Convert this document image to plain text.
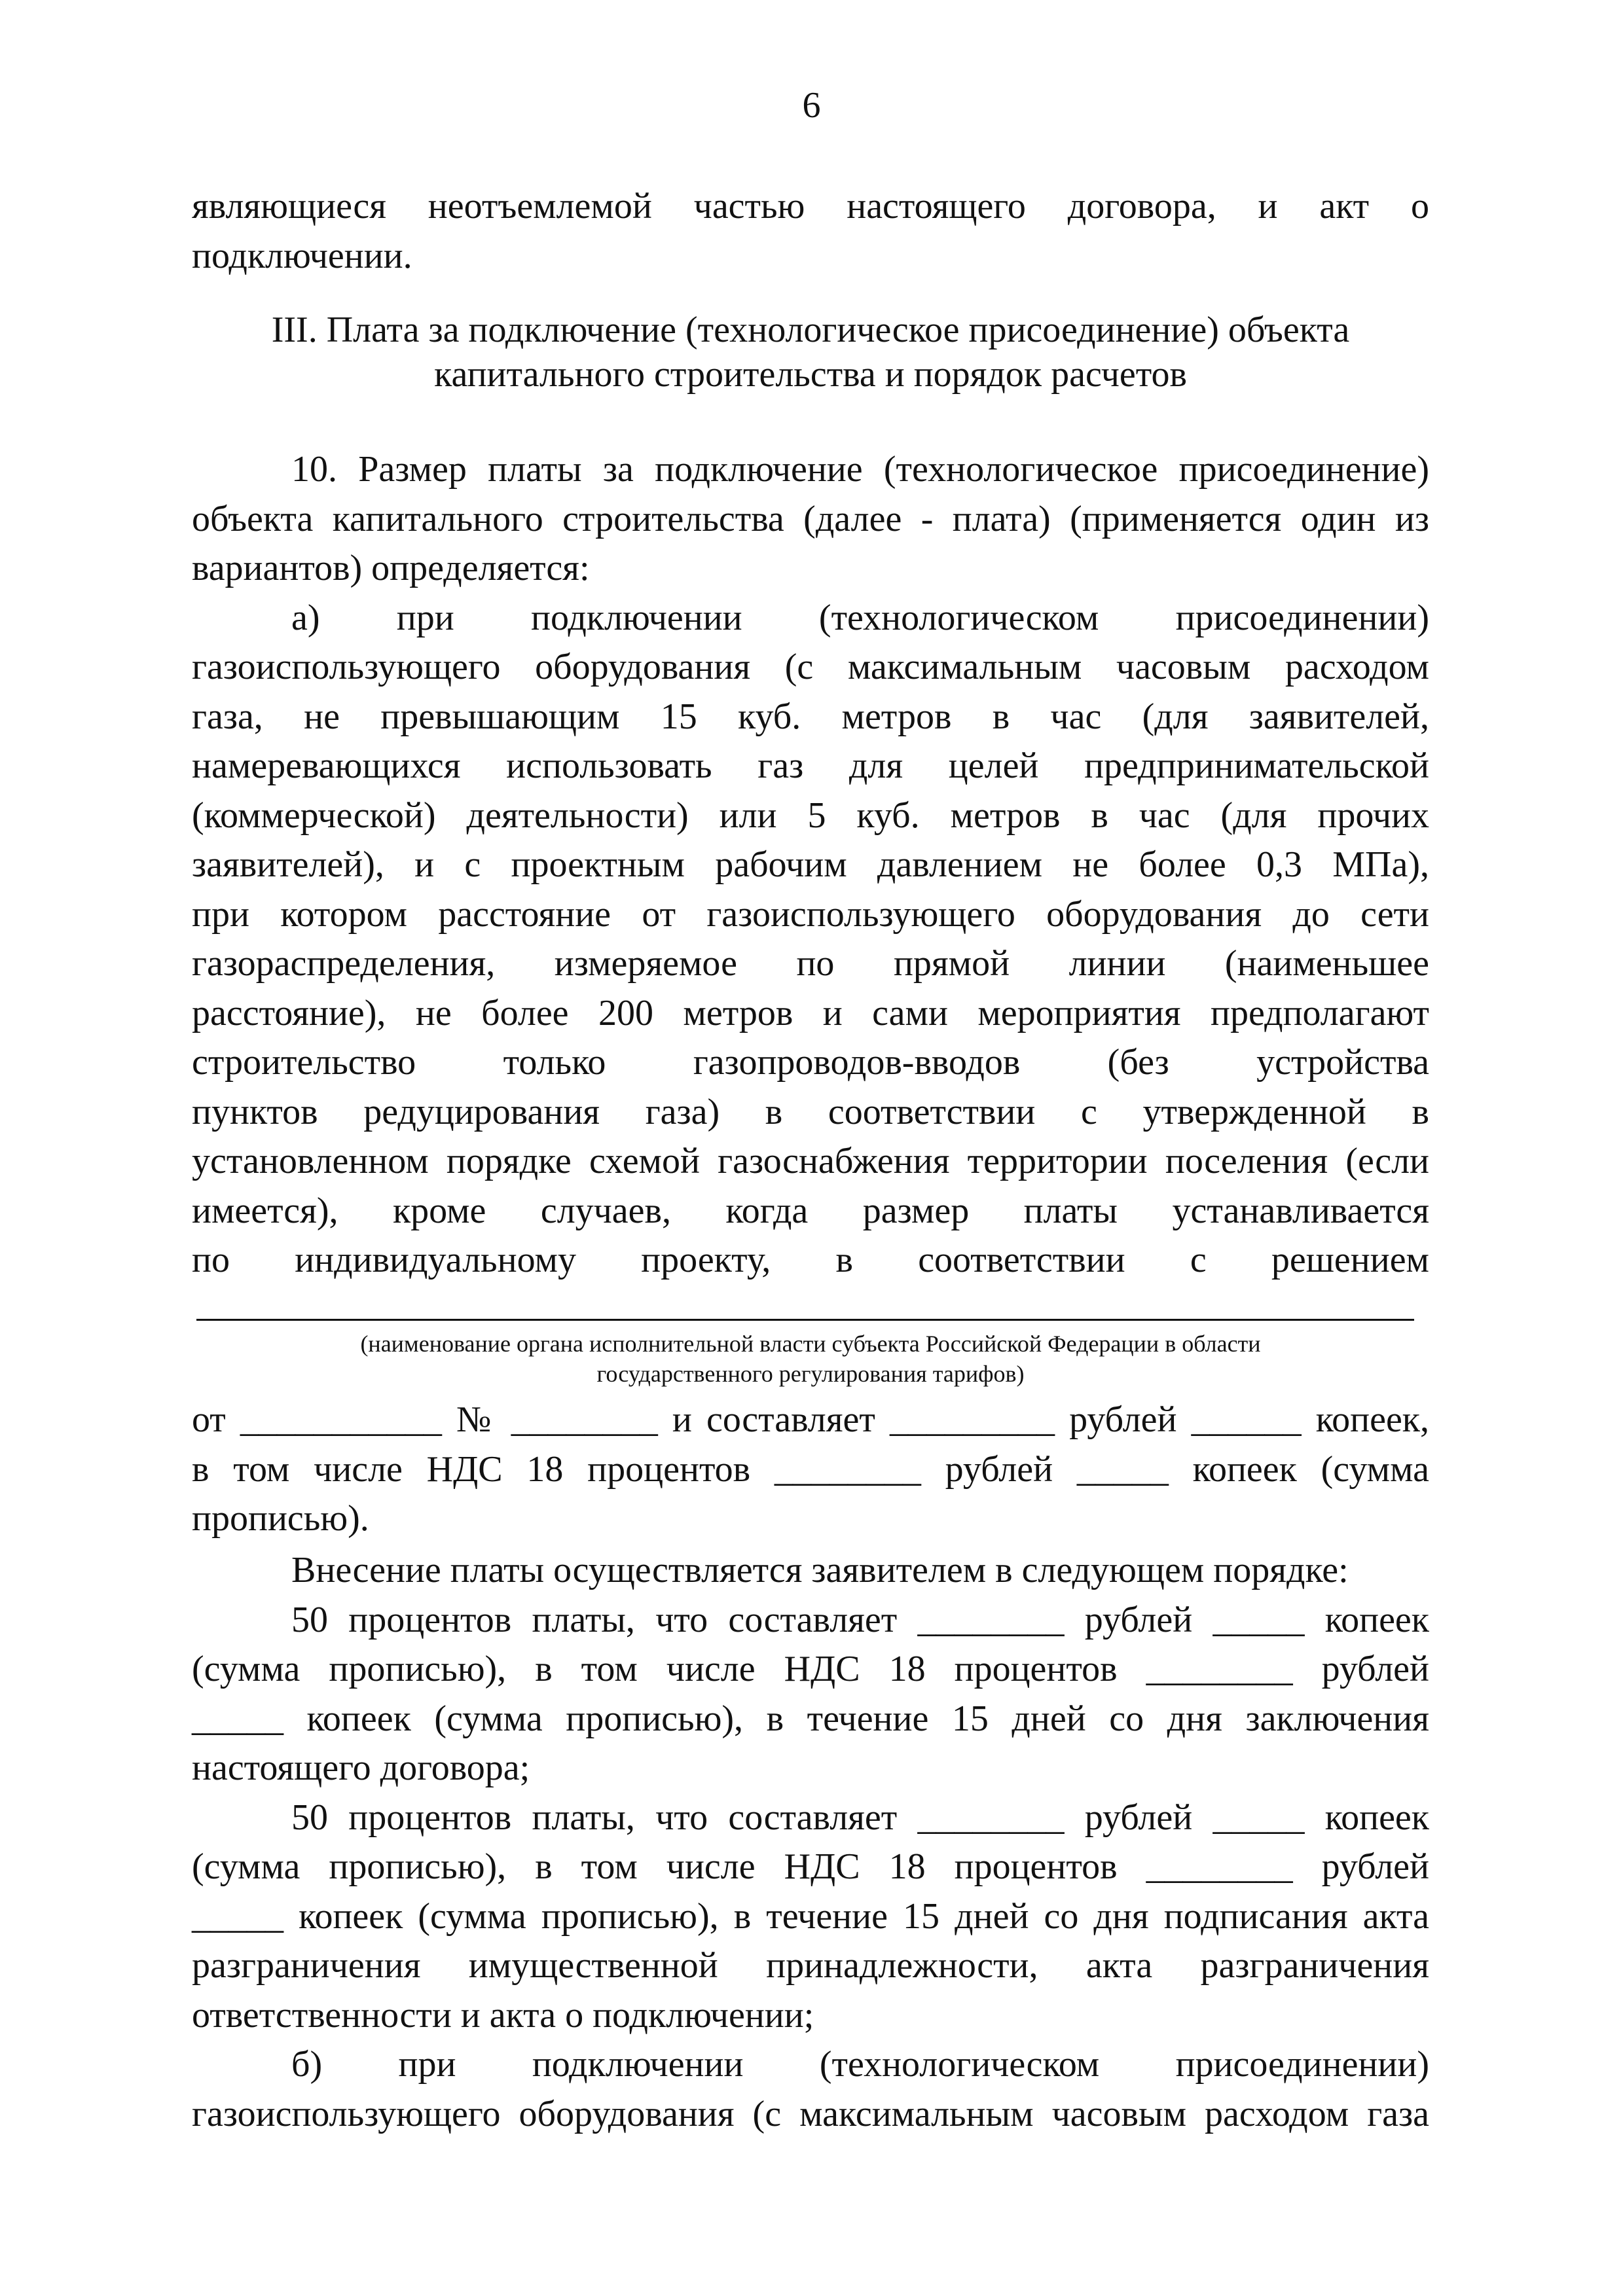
6
являющиеся неотъемлемой частью настоящего договора, и акт о
подключении.
III. Плата за подключение (технологическое присоединение) объекта
капитального строительства и порядок расчетов
10. Размер платы за подключение (технологическое присоединение)
объекта капитального строительства (далее - плата) (применяется один из
вариантов) определяется:
а) при подключении (технологическом присоединении)
газоиспользующего оборудования (с максимальным часовым расходом
газа, не превышающим 15 куб. метров в час (для заявителей,
намеревающихся использовать газ для целей предпринимательской
(коммерческой) деятельности) или 5 куб. метров в час (для прочих
заявителей), и с проектным рабочим давлением не более 0,3 МПа),
при котором расстояние от газоиспользующего оборудования до сети
газораспределения, измеряемое по прямой линии (наименьшее
расстояние), не более 200 метров и сами мероприятия предполагают
строительство только газопроводов-вводов (без устройства
пунктов редуцирования газа) в соответствии с утвержденной в
установленном порядке схемой газоснабжения территории поселения (если
имеется), кроме случаев, когда размер платы устанавливается
по индивидуальному проекту, в соответствии с решением
(наименование органа исполнительной власти субъекта Российской Федерации в области
государственного регулирования тарифов)
от ___________ № ________ и составляет _________ рублей ______ копеек,
в том числе НДС 18 процентов ________ рублей _____ копеек (сумма
прописью).
Внесение платы осуществляется заявителем в следующем порядке:
50 процентов платы, что составляет ________ рублей _____ копеек
(сумма прописью), в том числе НДС 18 процентов ________ рублей
_____ копеек (сумма прописью), в течение 15 дней со дня заключения
настоящего договора;
50 процентов платы, что составляет ________ рублей _____ копеек
(сумма прописью), в том числе НДС 18 процентов ________ рублей
_____ копеек (сумма прописью), в течение 15 дней со дня подписания акта
разграничения имущественной принадлежности, акта разграничения
ответственности и акта о подключении;
б) при подключении (технологическом присоединении)
газоиспользующего оборудования (с максимальным часовым расходом газа
